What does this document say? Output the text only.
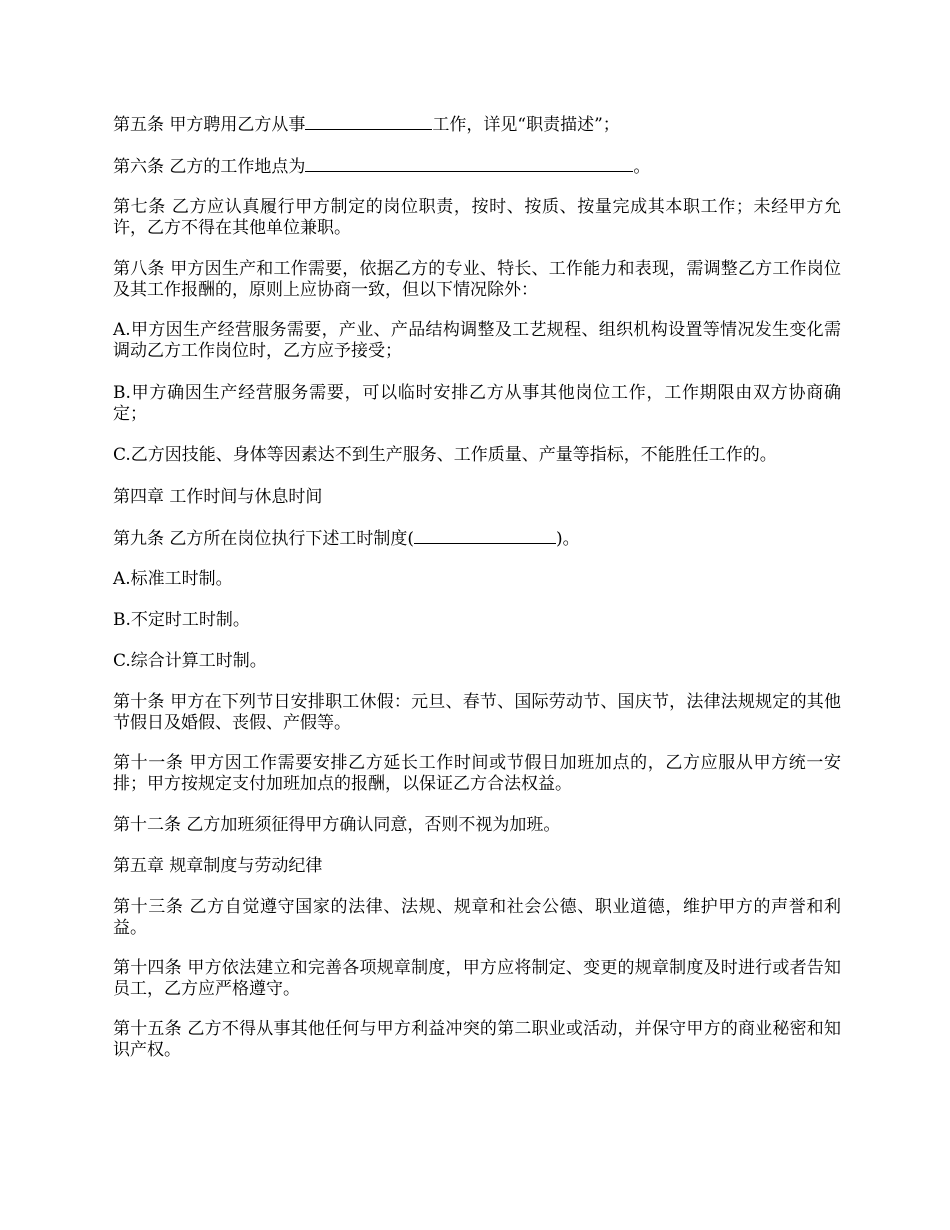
第五条 甲方聘用乙方从事	工作，详见“职责描述”；

第六条 乙方的工作地点为	。

第七条 乙方应认真履行甲方制定的岗位职责，按时、按质、按量完成其本职工作；未经甲方允许，乙方不得在其他单位兼职。

第八条 甲方因生产和工作需要，依据乙方的专业、特长、工作能力和表现，需调整乙方工作岗位及其工作报酬的，原则上应协商一致，但以下情况除外：

A.甲方因生产经营服务需要，产业、产品结构调整及工艺规程、组织机构设置等情况发生变化需调动乙方工作岗位时，乙方应予接受；

B.甲方确因生产经营服务需要，可以临时安排乙方从事其他岗位工作，工作期限由双方协商确定；

C.乙方因技能、身体等因素达不到生产服务、工作质量、产量等指标，不能胜任工作的。

第四章 工作时间与休息时间

第九条 乙方所在岗位执行下述工时制度(	)。

A.标准工时制。

B.不定时工时制。

C.综合计算工时制。

第十条 甲方在下列节日安排职工休假：元旦、春节、国际劳动节、国庆节，法律法规规定的其他节假日及婚假、丧假、产假等。

第十一条 甲方因工作需要安排乙方延长工作时间或节假日加班加点的，乙方应服从甲方统一安排；甲方按规定支付加班加点的报酬，以保证乙方合法权益。

第十二条 乙方加班须征得甲方确认同意，否则不视为加班。

第五章 规章制度与劳动纪律

第十三条 乙方自觉遵守国家的法律、法规、规章和社会公德、职业道德，维护甲方的声誉和利益。

第十四条 甲方依法建立和完善各项规章制度，甲方应将制定、变更的规章制度及时进行或者告知员工，乙方应严格遵守。

第十五条 乙方不得从事其他任何与甲方利益冲突的第二职业或活动，并保守甲方的商业秘密和知识产权。
